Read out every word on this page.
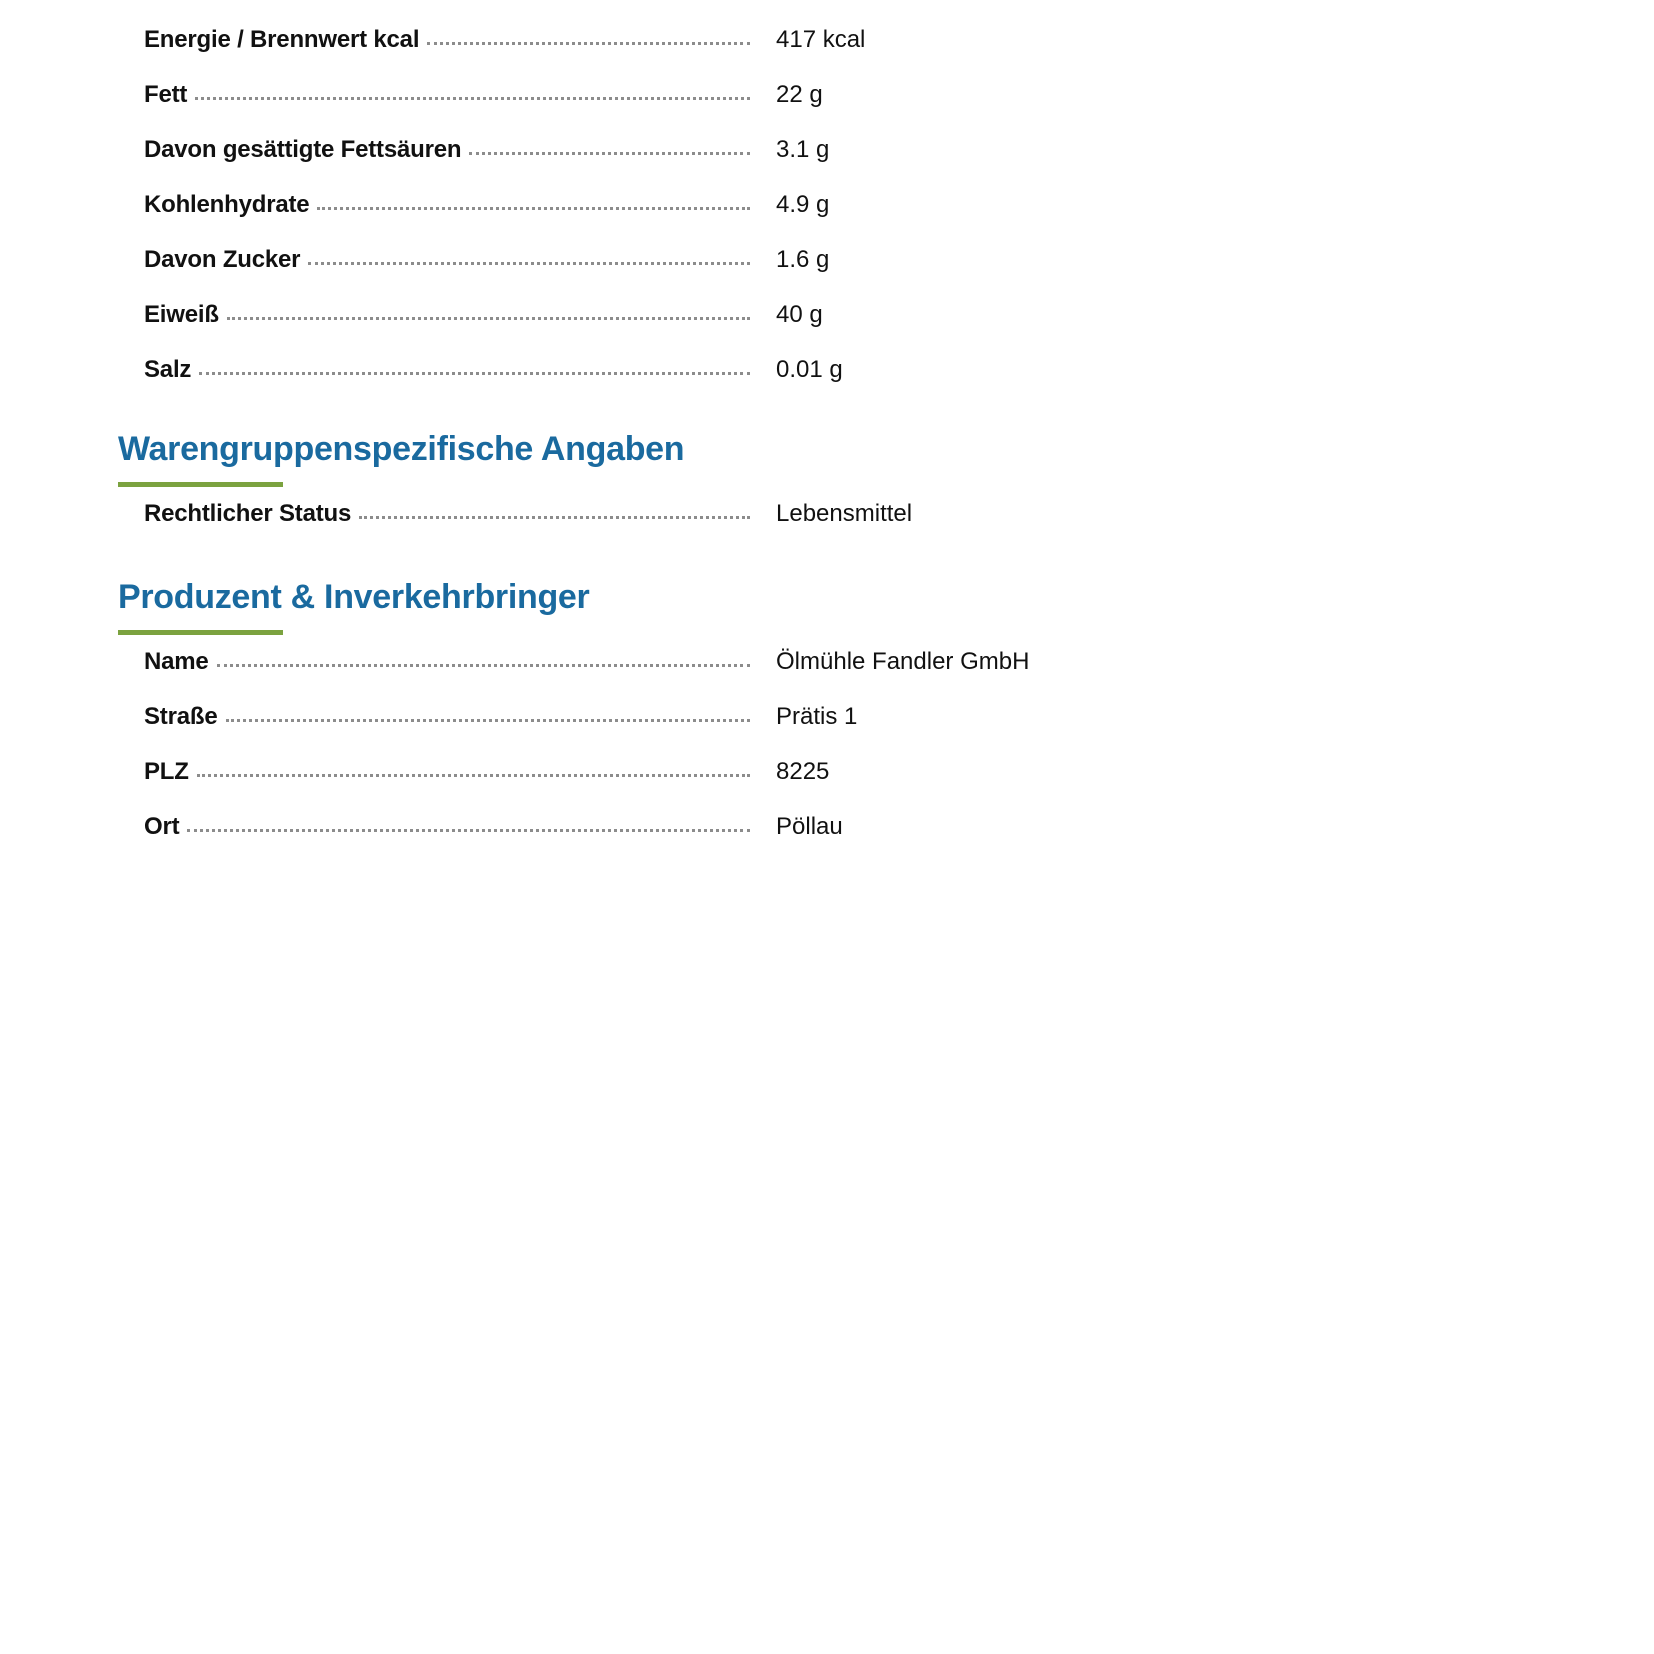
Energie / Brennwert kcal	417 kcal
Fett	22 g
Davon gesättigte Fettsäuren	3.1 g
Kohlenhydrate	4.9 g
Davon Zucker	1.6 g
Eiweiß	40 g
Salz	0.01 g
Warengruppenspezifische Angaben
Rechtlicher Status	Lebensmittel
Produzent & Inverkehrbringer
Name	Ölmühle Fandler GmbH
Straße	Prätis 1
PLZ	8225
Ort	Pöllau
